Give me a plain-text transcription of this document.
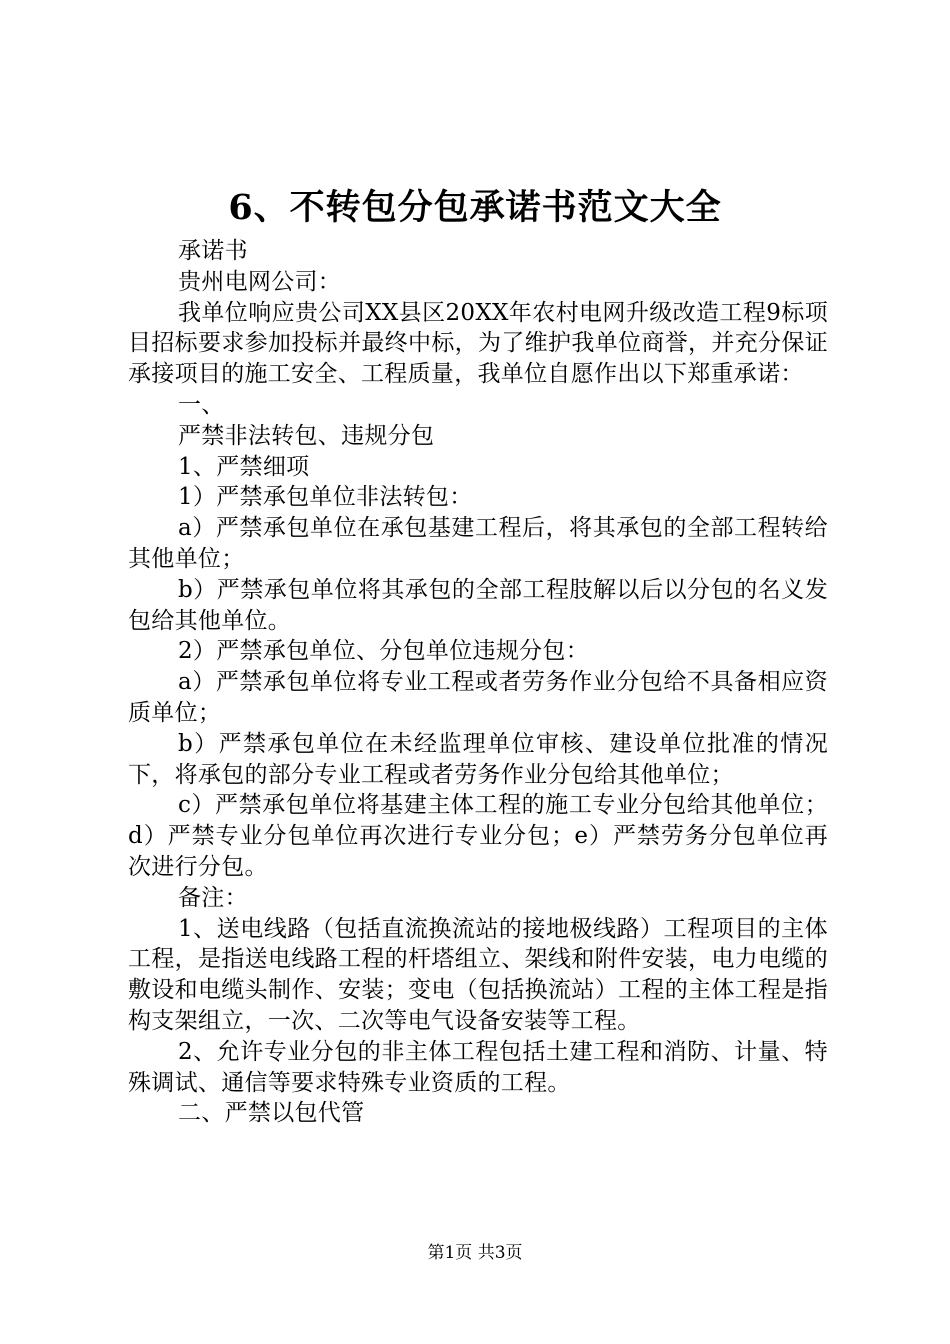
6、不转包分包承诺书范文大全

承诺书

贵州电网公司：

我单位响应贵公司XX县区20XX年农村电网升级改造工程9标项目招标要求参加投标并最终中标，为了维护我单位商誉，并充分保证承接项目的施工安全、工程质量，我单位自愿作出以下郑重承诺：

一、

严禁非法转包、违规分包

1、严禁细项

1）严禁承包单位非法转包：

a）严禁承包单位在承包基建工程后，将其承包的全部工程转给其他单位；

b）严禁承包单位将其承包的全部工程肢解以后以分包的名义发包给其他单位。

2）严禁承包单位、分包单位违规分包：

a）严禁承包单位将专业工程或者劳务作业分包给不具备相应资质单位；

b）严禁承包单位在未经监理单位审核、建设单位批准的情况下，将承包的部分专业工程或者劳务作业分包给其他单位；

c）严禁承包单位将基建主体工程的施工专业分包给其他单位；d）严禁专业分包单位再次进行专业分包；e）严禁劳务分包单位再次进行分包。

备注：

1、送电线路（包括直流换流站的接地极线路）工程项目的主体工程，是指送电线路工程的杆塔组立、架线和附件安装，电力电缆的敷设和电缆头制作、安装；变电（包括换流站）工程的主体工程是指构支架组立，一次、二次等电气设备安装等工程。

2、允许专业分包的非主体工程包括土建工程和消防、计量、特殊调试、通信等要求特殊专业资质的工程。

二、严禁以包代管

第1页 共3页
